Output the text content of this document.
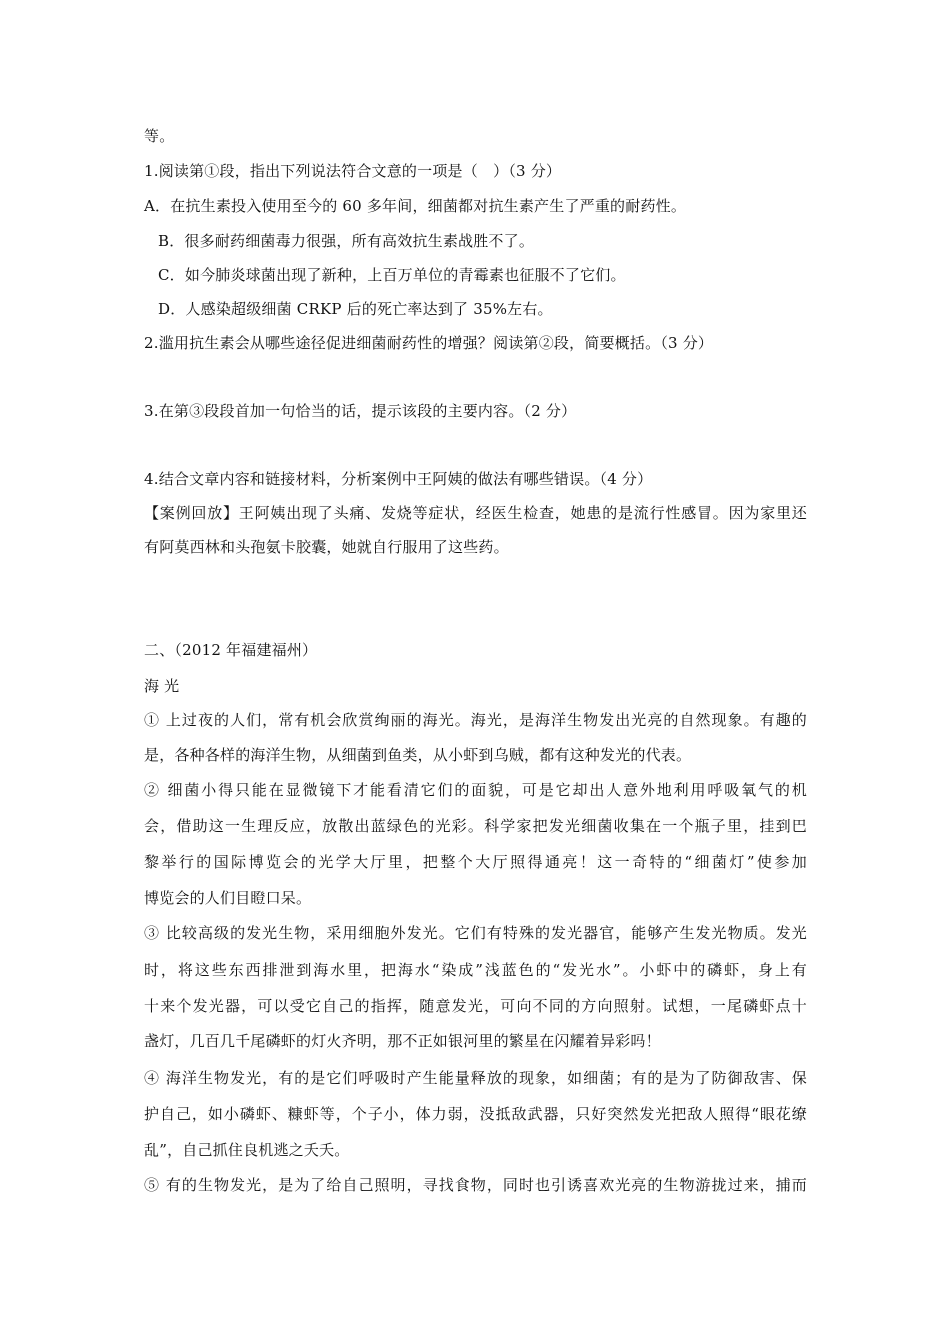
等。
1.阅读第①段，指出下列说法符合文意的一项是（　）（3 分）
A．在抗生素投入使用至今的 60 多年间，细菌都对抗生素产生了严重的耐药性。
B．很多耐药细菌毒力很强，所有高效抗生素战胜不了。
C．如今肺炎球菌出现了新种，上百万单位的青霉素也征服不了它们。
D．人感染超级细菌 CRKP 后的死亡率达到了 35%左右。
2.滥用抗生素会从哪些途径促进细菌耐药性的增强？阅读第②段，简要概括。（3 分）
3.在第③段段首加一句恰当的话，提示该段的主要内容。（2 分）
4.结合文章内容和链接材料，分析案例中王阿姨的做法有哪些错误。（4 分）
【案例回放】王阿姨出现了头痛、发烧等症状，经医生检查，她患的是流行性感冒。因为家里还
有阿莫西林和头孢氨卡胶囊，她就自行服用了这些药。
二、（2012 年福建福州）
海 光
① 上过夜的人们，常有机会欣赏绚丽的海光。海光，是海洋生物发出光亮的自然现象。有趣的
是，各种各样的海洋生物，从细菌到鱼类，从小虾到乌贼，都有这种发光的代表。
② 细菌小得只能在显微镜下才能看清它们的面貌，可是它却出人意外地利用呼吸氧气的机
会，借助这一生理反应，放散出蓝绿色的光彩。科学家把发光细菌收集在一个瓶子里，挂到巴
黎举行的国际博览会的光学大厅里，把整个大厅照得通亮！这一奇特的“细菌灯”使参加
博览会的人们目瞪口呆。
③ 比较高级的发光生物，采用细胞外发光。它们有特殊的发光器官，能够产生发光物质。发光
时，将这些东西排泄到海水里，把海水“染成”浅蓝色的“发光水”。小虾中的磷虾，身上有
十来个发光器，可以受它自己的指挥，随意发光，可向不同的方向照射。试想，一尾磷虾点十
盏灯，几百几千尾磷虾的灯火齐明，那不正如银河里的繁星在闪耀着异彩吗！
④ 海洋生物发光，有的是它们呼吸时产生能量释放的现象，如细菌；有的是为了防御敌害、保
护自己，如小磷虾、糠虾等，个子小，体力弱，没抵敌武器，只好突然发光把敌人照得“眼花缭
乱”，自己抓住良机逃之夭夭。
⑤ 有的生物发光，是为了给自己照明，寻找食物，同时也引诱喜欢光亮的生物游拢过来，捕而
